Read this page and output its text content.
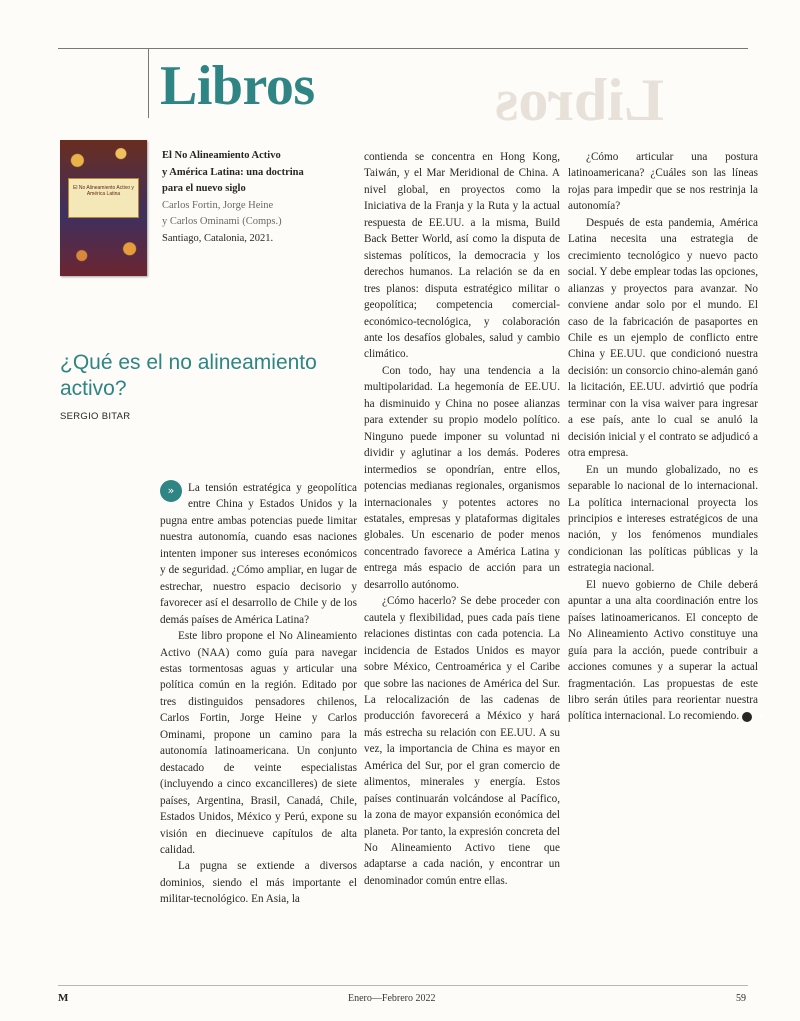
Libros	Libros
El No Alineamiento Activo y América Latina
El No Alineamiento Activo
y América Latina: una doctrina
para el nuevo siglo
Carlos Fortin, Jorge Heine
y Carlos Ominami (Comps.)
Santiago, Catalonia, 2021.
¿Qué es el no alineamiento activo?
SERGIO BITAR

»	La tensión estratégica y geopolítica entre China y Estados Unidos y la pugna entre ambas potencias puede limitar nuestra autonomía, cuando esas naciones intenten imponer sus intereses económicos y de seguridad. ¿Cómo ampliar, en lugar de estrechar, nuestro espacio decisorio y favorecer así el desarrollo de Chile y de los demás países de América Latina?

Este libro propone el No Alineamiento Activo (NAA) como guía para navegar estas tormentosas aguas y articular una política común en la región. Editado por tres distinguidos pensadores chilenos, Carlos Fortin, Jorge Heine y Carlos Ominami, propone un camino para la autonomía latinoamericana. Un conjunto destacado de veinte especialistas (incluyendo a cinco excancilleres) de siete países, Argentina, Brasil, Canadá, Chile, Estados Unidos, México y Perú, expone su visión en diecinueve capítulos de alta calidad.

La pugna se extiende a diversos dominios, siendo el más importante el militar-tecnológico. En Asia, la

contienda se concentra en Hong Kong, Taiwán, y el Mar Meridional de China. A nivel global, en proyectos como la Iniciativa de la Franja y la Ruta y la actual respuesta de EE.UU. a la misma, Build Back Better World, así como la disputa de sistemas políticos, la democracia y los derechos humanos. La relación se da en tres planos: disputa estratégico militar o geopolítica; competencia comercial-económico-tecnológica, y colaboración ante los desafíos globales, salud y cambio climático.

Con todo, hay una tendencia a la multipolaridad. La hegemonía de EE.UU. ha disminuido y China no posee alianzas para extender su propio modelo político. Ninguno puede imponer su voluntad ni dividir y aglutinar a los demás. Poderes intermedios se opondrían, entre ellos, potencias medianas regionales, organismos internacionales y potentes actores no estatales, empresas y plataformas digitales globales. Un escenario de poder menos concentrado favorece a América Latina y entrega más espacio de acción para un desarrollo autónomo.

¿Cómo hacerlo? Se debe proceder con cautela y flexibilidad, pues cada país tiene relaciones distintas con cada potencia. La incidencia de Estados Unidos es mayor sobre México, Centroamérica y el Caribe que sobre las naciones de América del Sur. La relocalización de las cadenas de producción favorecerá a México y hará más estrecha su relación con EE.UU. A su vez, la importancia de China es mayor en América del Sur, por el gran comercio de alimentos, minerales y energía. Estos países continuarán volcándose al Pacífico, la zona de mayor expansión económica del planeta. Por tanto, la expresión concreta del No Alineamiento Activo tiene que adaptarse a cada nación, y encontrar un denominador común entre ellas.

¿Cómo articular una postura latinoamericana? ¿Cuáles son las líneas rojas para impedir que se nos restrinja la autonomía?

Después de esta pandemia, América Latina necesita una estrategia de crecimiento tecnológico y nuevo pacto social. Y debe emplear todas las opciones, alianzas y proyectos para avanzar. No conviene andar solo por el mundo. El caso de la fabricación de pasaportes en Chile es un ejemplo de conflicto entre China y EE.UU. que condicionó nuestra decisión: un consorcio chino-alemán ganó la licitación, EE.UU. advirtió que podría terminar con la visa waiver para ingresar a ese país, ante lo cual se anuló la decisión inicial y el contrato se adjudicó a otra empresa.

En un mundo globalizado, no es separable lo nacional de lo internacional. La política internacional proyecta los principios e intereses estratégicos de una nación, y los fenómenos mundiales condicionan las políticas públicas y la estrategia nacional.

El nuevo gobierno de Chile deberá apuntar a una alta coordinación entre los países latinoamericanos. El concepto de No Alineamiento Activo constituye una guía para la acción, puede contribuir a acciones comunes y a superar la actual fragmentación. Las propuestas de este libro serán útiles para reorientar nuestra política internacional. Lo recomiendo.	M

M	Enero—Febrero 2022	59
